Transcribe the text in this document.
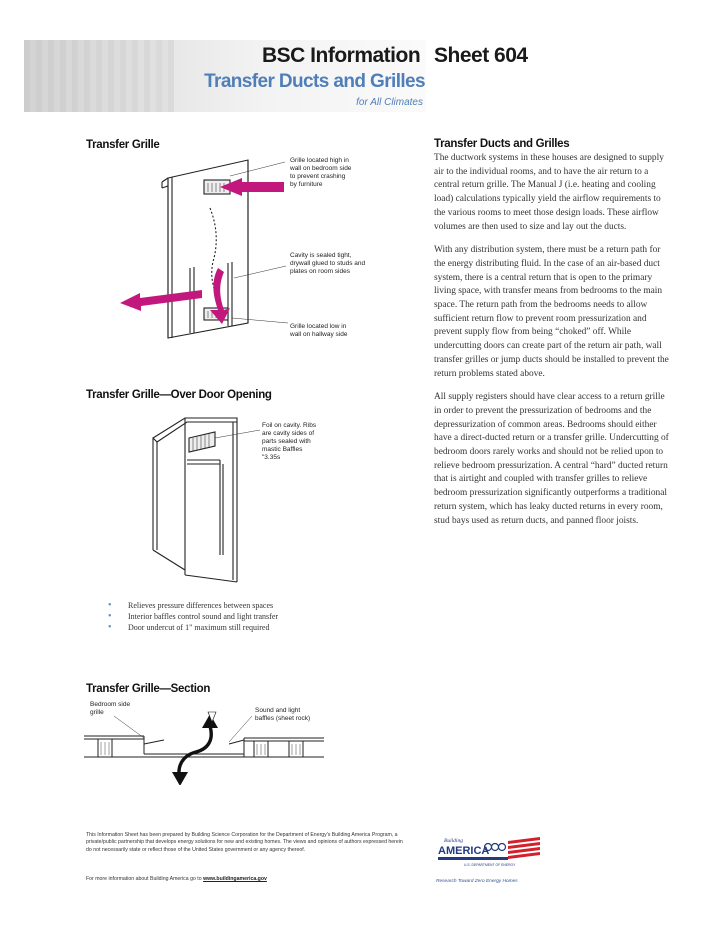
BSC Information Sheet 604
Transfer Ducts and Grilles
for All Climates
Transfer Grille
Grille located high in
wall on bedroom side
to prevent crashing
by furniture
Cavity is sealed tight,
drywall glued to studs and
plates on room sides
Grille located low in
wall on hallway side
Transfer Grille—Over Door Opening
Foil on cavity. Ribs
are cavity sides of
parts sealed with
mastic Baffles
"3.35s
• Relieves pressure differences between spaces
• Interior baffles control sound and light transfer
• Door undercut of 1" maximum still required
Transfer Grille—Section
Bedroom side
grille	Sound and light
baffles (sheet rock)
Transfer Ducts and Grilles

The ductwork systems in these houses are designed to supply air to the individual rooms, and to have the air return to a central return grille. The Manual J (i.e. heating and cooling load) calculations typically yield the airflow requirements to the various rooms to meet those design loads. These airflow volumes are then used to size and lay out the ducts.

With any distribution system, there must be a return path for the energy distributing fluid. In the case of an air-based duct system, there is a central return that is open to the primary living space, with transfer means from bedrooms to the main space. The return path from the bedrooms needs to allow sufficient return flow to prevent room pressurization and prevent supply flow from being “choked” off. While undercutting doors can create part of the return air path, wall transfer grilles or jump ducts should be installed to prevent the return problems stated above.

All supply registers should have clear access to a return grille in order to prevent the pressurization of bedrooms and the depressurization of common areas. Bedrooms should either have a direct-ducted return or a transfer grille. Undercutting of bedroom doors rarely works and should not be relied upon to relieve bedroom pressurization. A central “hard” ducted return that is airtight and coupled with transfer grilles to relieve bedroom pressurization significantly outperforms a traditional return system, which has leaky ducted returns in every room, stud bays used as return ducts, and panned floor joists.

This Information Sheet has been prepared by Building Science Corporation for the Department of Energy's Building America Program, a private/public partnership that develops energy solutions for new and existing homes. The views and opinions of authors expressed herein do not necessarily state or reflect those of the United States government or any agency thereof.
For more information about Building America go to www.buildingamerica.gov
Building
AMERICA
U.S. DEPARTMENT OF ENERGY
Research Toward Zero Energy Homes
